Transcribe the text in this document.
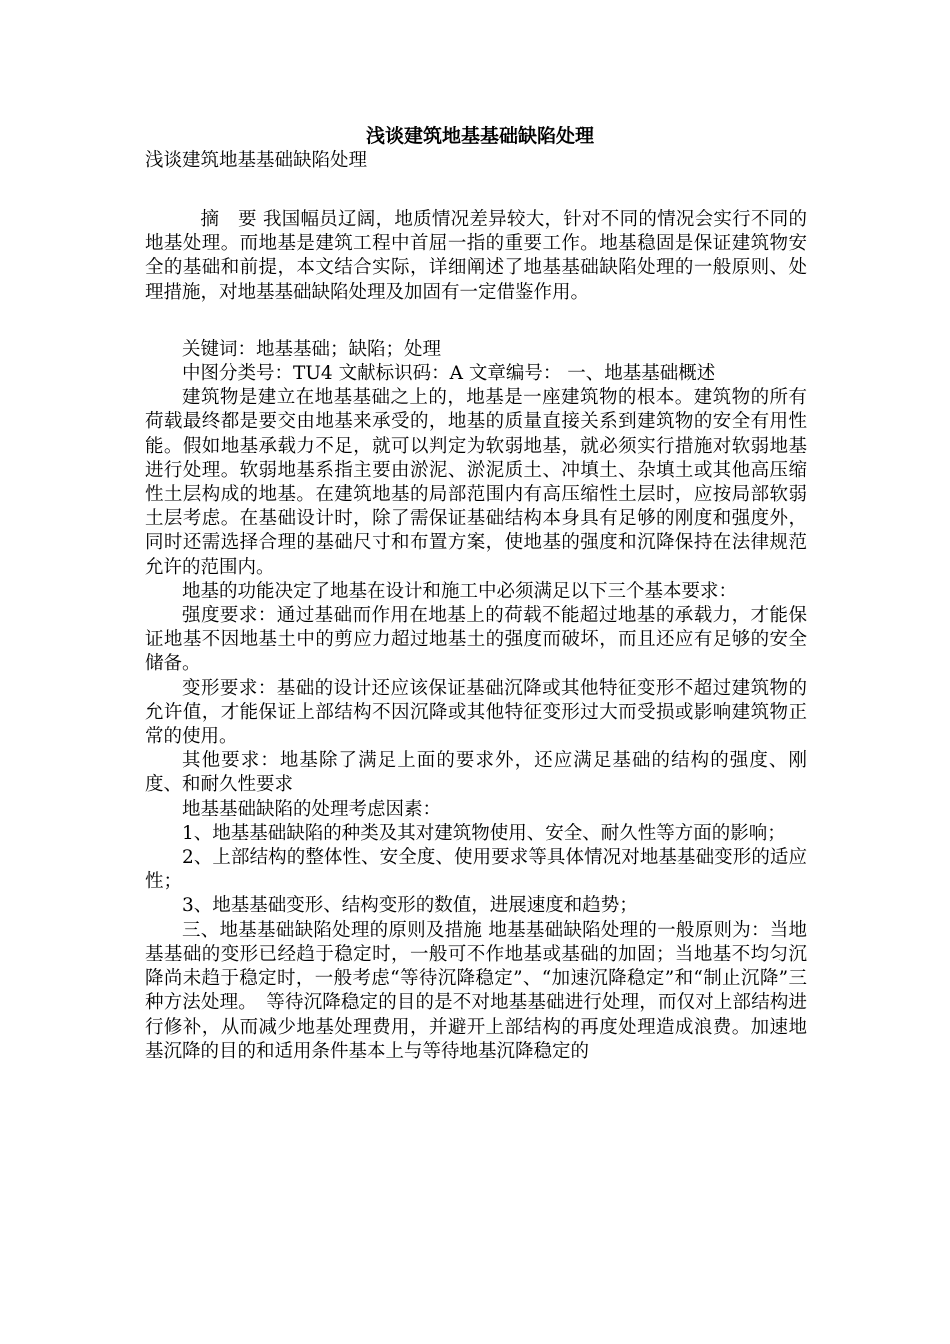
浅谈建筑地基基础缺陷处理

浅谈建筑地基基础缺陷处理

摘　要 我国幅员辽阔，地质情况差异较大，针对不同的情况会实行不同的地基处理。而地基是建筑工程中首屈一指的重要工作。地基稳固是保证建筑物安全的基础和前提，本文结合实际，详细阐述了地基基础缺陷处理的一般原则、处理措施，对地基基础缺陷处理及加固有一定借鉴作用。

关键词：地基基础；缺陷；处理

中图分类号：TU4 文献标识码：A 文章编号： 一、地基基础概述

建筑物是建立在地基基础之上的，地基是一座建筑物的根本。建筑物的所有荷载最终都是要交由地基来承受的，地基的质量直接关系到建筑物的安全有用性能。假如地基承载力不足，就可以判定为软弱地基，就必须实行措施对软弱地基进行处理。软弱地基系指主要由淤泥、淤泥质土、冲填土、杂填土或其他高压缩性土层构成的地基。在建筑地基的局部范围内有高压缩性土层时，应按局部软弱土层考虑。在基础设计时，除了需保证基础结构本身具有足够的刚度和强度外，同时还需选择合理的基础尺寸和布置方案，使地基的强度和沉降保持在法律规范允许的范围内。

地基的功能决定了地基在设计和施工中必须满足以下三个基本要求：

强度要求：通过基础而作用在地基上的荷载不能超过地基的承载力，才能保证地基不因地基土中的剪应力超过地基土的强度而破坏，而且还应有足够的安全储备。

变形要求：基础的设计还应该保证基础沉降或其他特征变形不超过建筑物的允许值，才能保证上部结构不因沉降或其他特征变形过大而受损或影响建筑物正常的使用。

其他要求：地基除了满足上面的要求外，还应满足基础的结构的强度、刚度、和耐久性要求

地基基础缺陷的处理考虑因素：

1、地基基础缺陷的种类及其对建筑物使用、安全、耐久性等方面的影响；

2、上部结构的整体性、安全度、使用要求等具体情况对地基基础变形的适应性；

3、地基基础变形、结构变形的数值，进展速度和趋势；

三、地基基础缺陷处理的原则及措施 地基基础缺陷处理的一般原则为：当地基基础的变形已经趋于稳定时，一般可不作地基或基础的加固；当地基不均匀沉降尚未趋于稳定时，一般考虑“等待沉降稳定”、“加速沉降稳定”和“制止沉降”三种方法处理。　等待沉降稳定的目的是不对地基基础进行处理，而仅对上部结构进行修补，从而减少地基处理费用，并避开上部结构的再度处理造成浪费。加速地基沉降的目的和适用条件基本上与等待地基沉降稳定的
